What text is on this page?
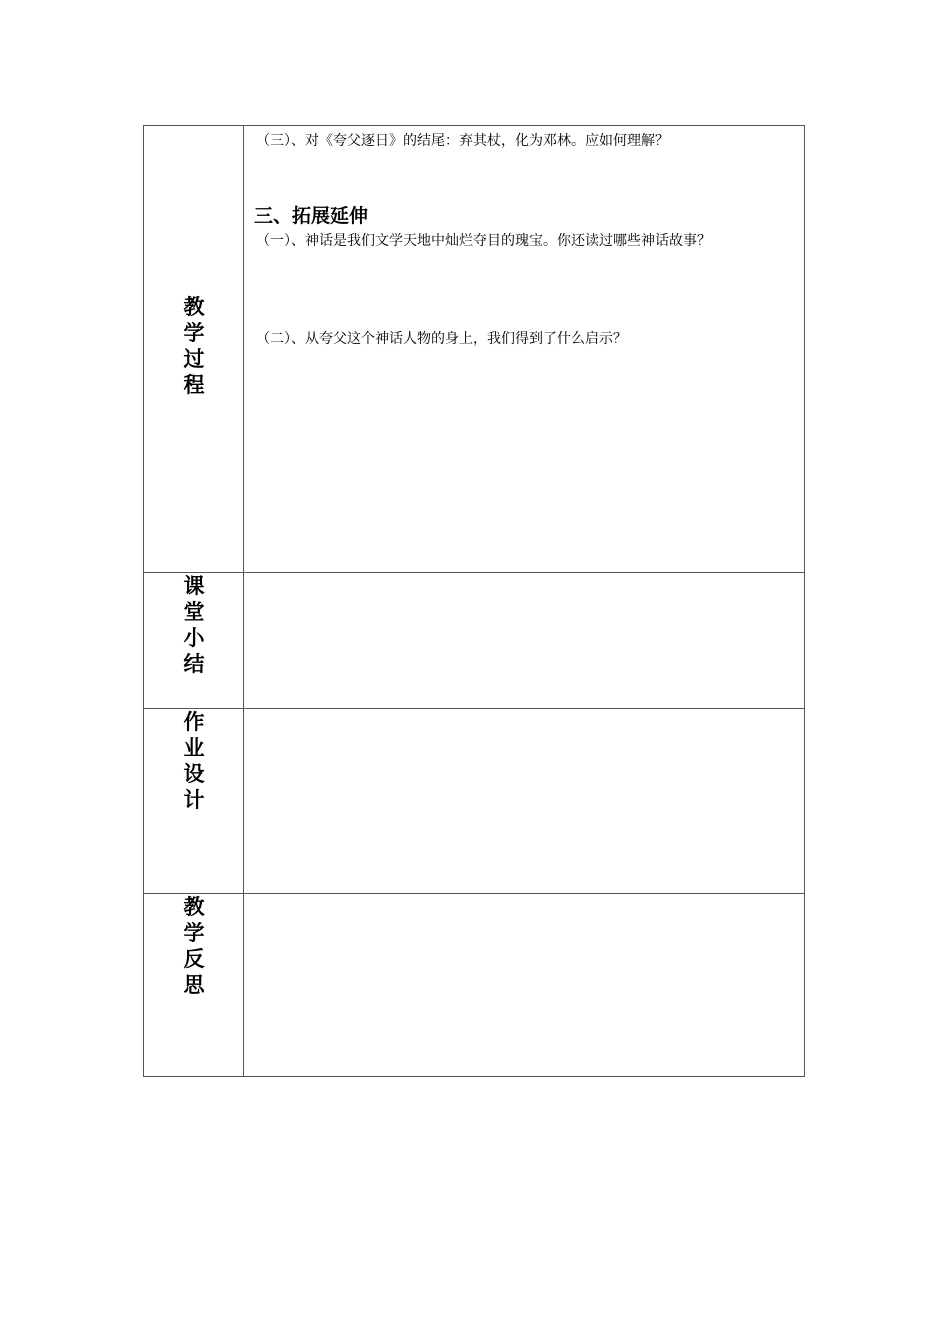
教
学
过
程
（三）、对《夸父逐日》的结尾：弃其杖，化为邓林。应如何理解？
三、拓展延伸
（一）、神话是我们文学天地中灿烂夺目的瑰宝。你还读过哪些神话故事？
（二）、从夸父这个神话人物的身上，我们得到了什么启示？
课
堂
小
结
作
业
设
计
教
学
反
思
